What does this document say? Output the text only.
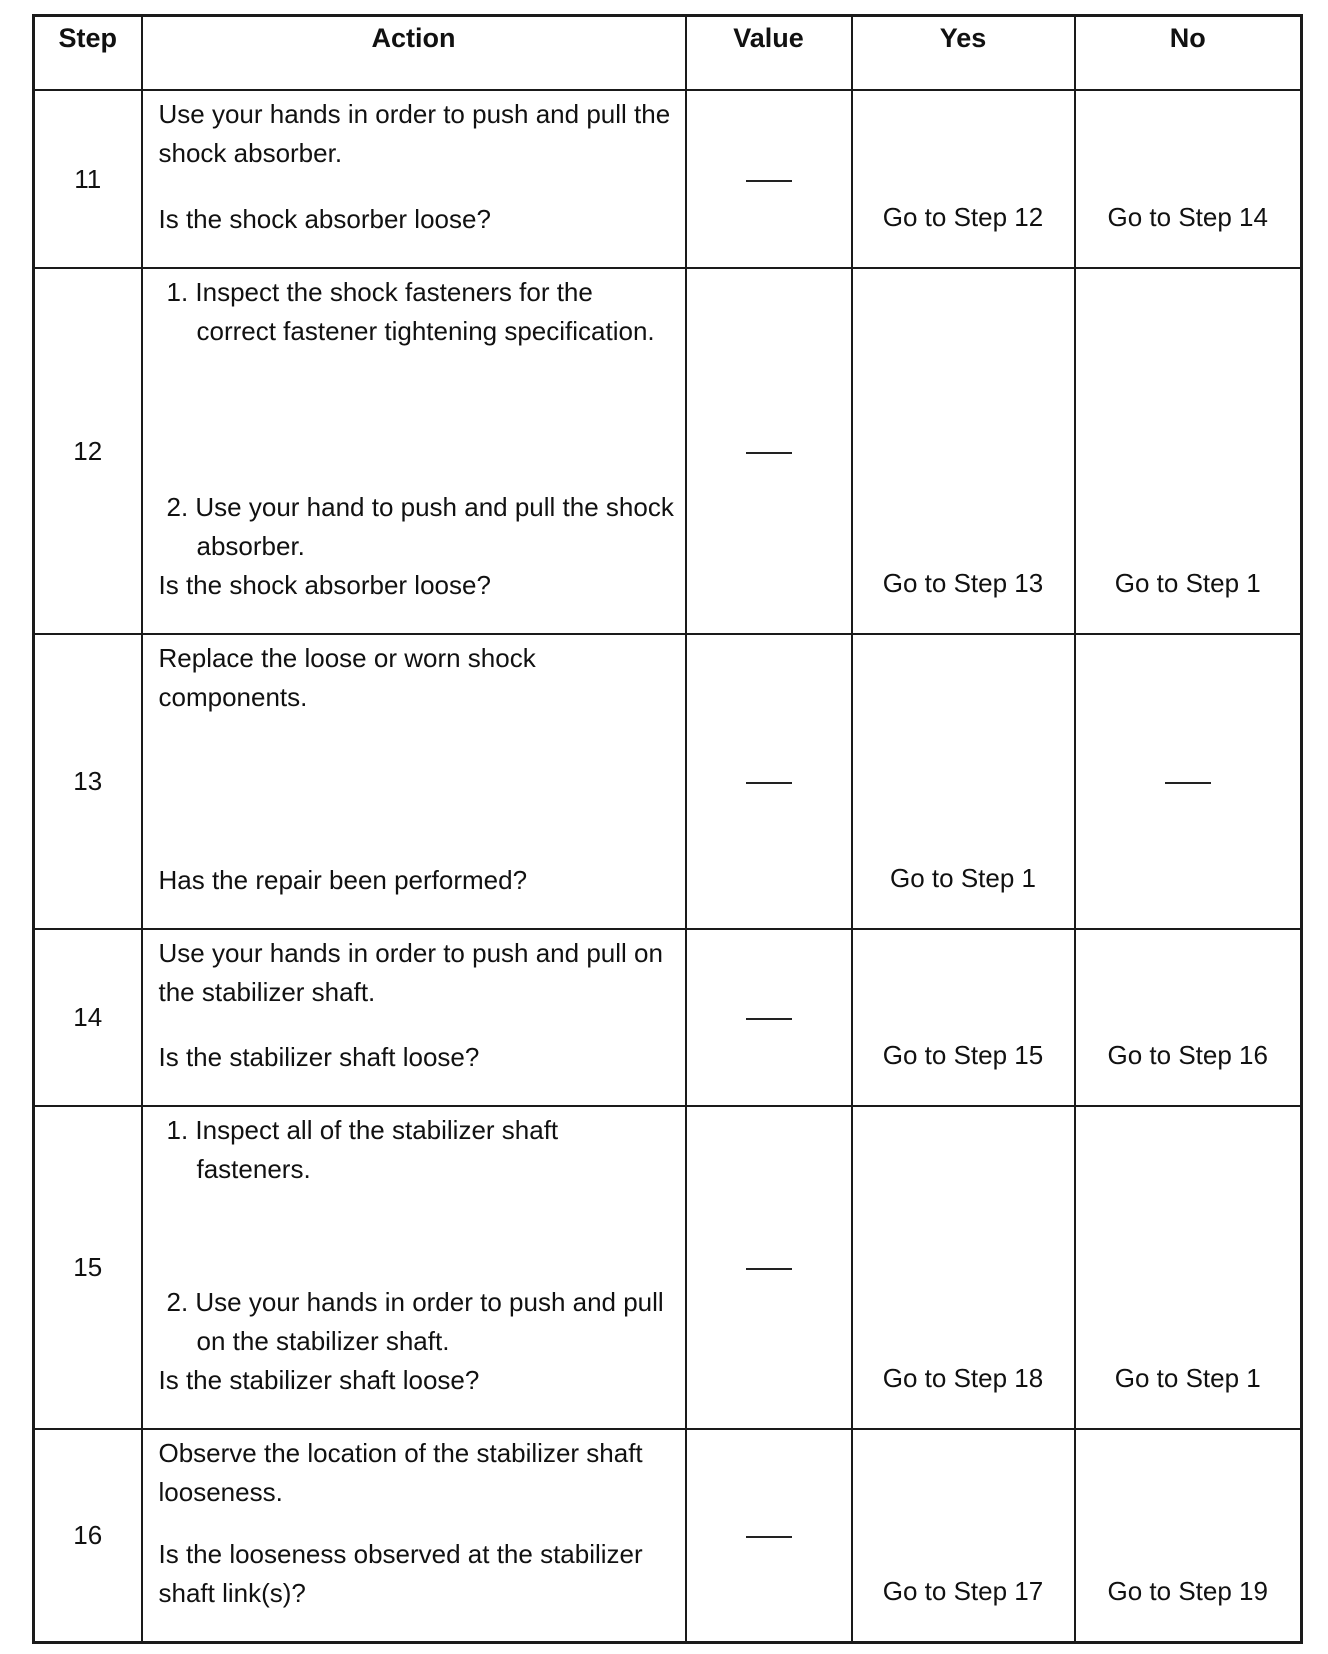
Step	Action	Value	Yes	No
11	Use your hands in order to push and pull the shock absorber.
Is the shock absorber loose?		Go to Step 12	Go to Step 14
12	1. Inspect the shock fasteners for the correct fastener tightening specification.
2. Use your hand to push and pull the shock absorber.
Is the shock absorber loose?		Go to Step 13	Go to Step 1
13	Replace the loose or worn shock components.
Has the repair been performed?		Go to Step 1	
14	Use your hands in order to push and pull on the stabilizer shaft.
Is the stabilizer shaft loose?		Go to Step 15	Go to Step 16
15	1. Inspect all of the stabilizer shaft fasteners.
2. Use your hands in order to push and pull on the stabilizer shaft.
Is the stabilizer shaft loose?		Go to Step 18	Go to Step 1
16	Observe the location of the stabilizer shaft looseness.
Is the looseness observed at the stabilizer shaft link(s)?		Go to Step 17	Go to Step 19
